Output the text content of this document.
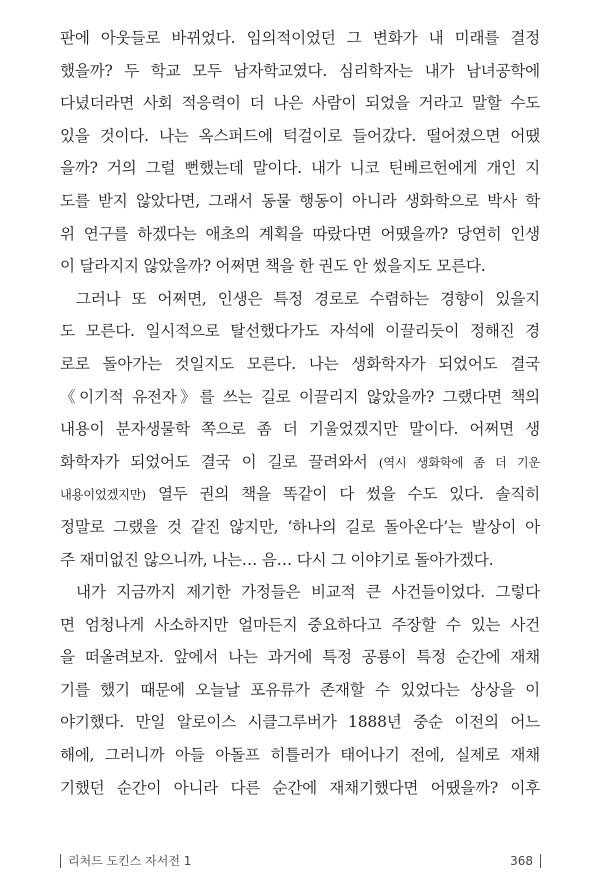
판에 아웃들로 바뀌었다. 임의적이었던 그 변화가 내 미래를 결정
했을까? 두 학교 모두 남자학교였다. 심리학자는 내가 남녀공학에
다녔더라면 사회 적응력이 더 나은 사람이 되었을 거라고 말할 수도
있을 것이다. 나는 옥스퍼드에 턱걸이로 들어갔다. 떨어졌으면 어땠
을까? 거의 그럴 뻔했는데 말이다. 내가 니코 틴베르헌에게 개인 지
도를 받지 않았다면, 그래서 동물 행동이 아니라 생화학으로 박사 학
위 연구를 하겠다는 애초의 계획을 따랐다면 어땠을까? 당연히 인생
이 달라지지 않았을까? 어쩌면 책을 한 권도 안 썼을지도 모른다.
그러나 또 어쩌면, 인생은 특정 경로로 수렴하는 경향이 있을지
도 모른다. 일시적으로 탈선했다가도 자석에 이끌리듯이 정해진 경
로로 돌아가는 것일지도 모른다. 나는 생화학자가 되었어도 결국
《이기적 유전자》를 쓰는 길로 이끌리지 않았을까? 그랬다면 책의
내용이 분자생물학 쪽으로 좀 더 기울었겠지만 말이다. 어쩌면 생
화학자가 되었어도 결국 이 길로 끌려와서 (역시 생화학에 좀 더 기운
내용이었겠지만) 열두 권의 책을 똑같이 다 썼을 수도 있다. 솔직히
정말로 그랬을 것 같진 않지만, ‘하나의 길로 돌아온다’는 발상이 아
주 재미없진 않으니까, 나는… 음… 다시 그 이야기로 돌아가겠다.
내가 지금까지 제기한 가정들은 비교적 큰 사건들이었다. 그렇다
면 엄청나게 사소하지만 얼마든지 중요하다고 주장할 수 있는 사건
을 떠올려보자. 앞에서 나는 과거에 특정 공룡이 특정 순간에 재채
기를 했기 때문에 오늘날 포유류가 존재할 수 있었다는 상상을 이
야기했다. 만일 알로이스 시클그루버가 1888년 중순 이전의 어느
해에, 그러니까 아들 아돌프 히틀러가 태어나기 전에, 실제로 재채
기했던 순간이 아니라 다른 순간에 재채기했다면 어땠을까? 이후
리처드 도킨스 자서전 1	368
